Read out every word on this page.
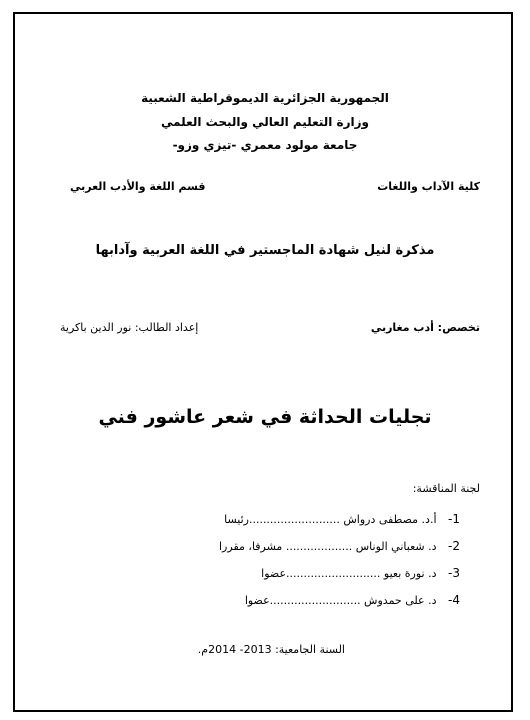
الجمهورية الجزائرية الديموقراطية الشعبية
وزارة التعليم العالي والبحث العلمي
جامعة مولود معمري -تيزي وزو-
كلية الآداب واللغات
قسم اللغة والأدب العربي
مذكرة لنيل شهادة الماجستير في اللغة العربية وآدابها
تخصص: أدب مغاربي
إعداد الطالب: نور الدين باكرية
تجليات الحداثة في شعر عاشور فني
لجنة المناقشة:
1- أ.د. مصطفى درواش ..........................رئيسا
2- د. شعباني الوناس ................... مشرفا، مقررا
3- د. نورة بعيو ...........................عضوا
4- د. على حمدوش ..........................عضوا
السنة الجامعية: 2013- 2014م.
